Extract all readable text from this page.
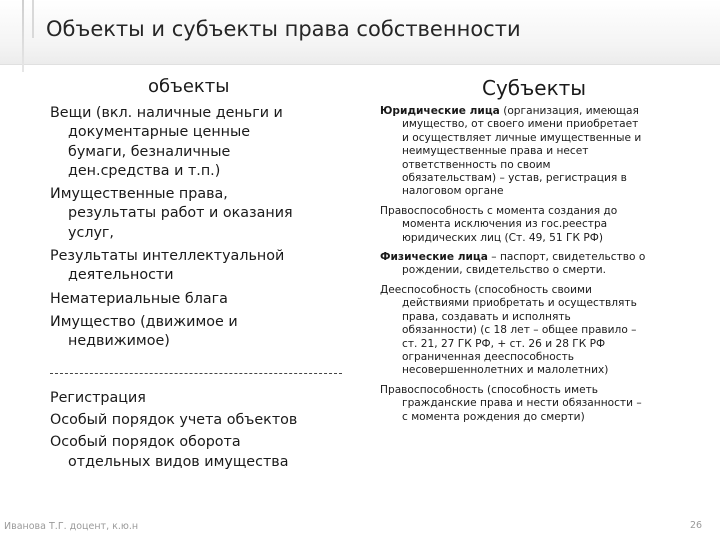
Объекты и субъекты права собственности
объекты	Субъекты
Вещи (вкл. наличные деньги и
документарные ценные
бумаги, безналичные
ден.средства и т.п.)
Имущественные права,
результаты работ и оказания
услуг,
Результаты интеллектуальной
деятельности
Нематериальные блага
Имущество (движимое и
недвижимое)
Регистрация
Особый порядок учета объектов
Особый порядок оборота
отдельных видов имущества
Юридические лица (организация, имеющая
имущество, от своего имени приобретает
и осуществляет личные имущественные и
неимущественные права и несет
ответственность по своим
обязательствам) – устав, регистрация в
налоговом органе
Правоспособность с момента создания до
момента исключения из гос.реестра
юридических лиц (Ст. 49, 51 ГК РФ)
Физические лица – паспорт, свидетельство о
рождении, свидетельство о смерти.
Дееспособность (способность своими
действиями приобретать и осуществлять
права, создавать и исполнять
обязанности) (с 18 лет – общее правило –
ст. 21, 27 ГК РФ, + ст. 26 и 28 ГК РФ
ограниченная дееспособность
несовершеннолетних и малолетних)
Правоспособность (способность иметь
гражданские права и нести обязанности –
с момента рождения до смерти)
Иванова Т.Г. доцент, к.ю.н	26
